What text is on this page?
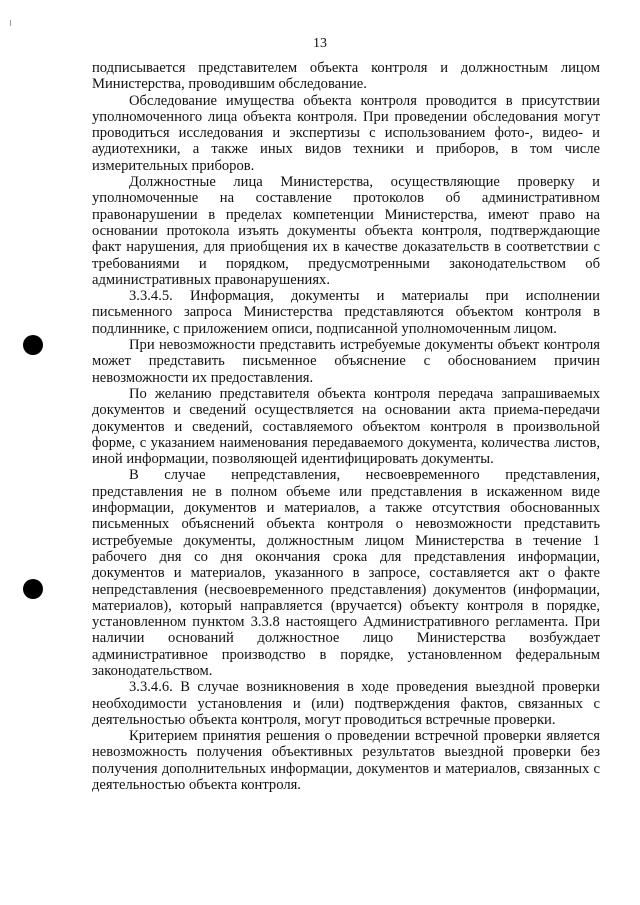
13

подписывается представителем объекта контроля и должностным лицом Министерства, проводившим обследование.

Обследование имущества объекта контроля проводится в присутствии уполномоченного лица объекта контроля. При проведении обследования могут проводиться исследования и экспертизы с использованием фото-, видео- и аудиотехники, а также иных видов техники и приборов, в том числе измерительных приборов.

Должностные лица Министерства, осуществляющие проверку и уполномоченные на составление протоколов об административном правонарушении в пределах компетенции Министерства, имеют право на основании протокола изъять документы объекта контроля, подтверждающие факт нарушения, для приобщения их в качестве доказательств в соответствии с требованиями и порядком, предусмотренными законодательством об административных правонарушениях.

3.3.4.5. Информация, документы и материалы при исполнении письменного запроса Министерства представляются объектом контроля в подлиннике, с приложением описи, подписанной уполномоченным лицом.

При невозможности представить истребуемые документы объект контроля может представить письменное объяснение с обоснованием причин невозможности их предоставления.

По желанию представителя объекта контроля передача запрашиваемых документов и сведений осуществляется на основании акта приема-передачи документов и сведений, составляемого объектом контроля в произвольной форме, с указанием наименования передаваемого документа, количества листов, иной информации, позволяющей идентифицировать документы.

В случае непредставления, несвоевременного представления, представления не в полном объеме или представления в искаженном виде информации, документов и материалов, а также отсутствия обоснованных письменных объяснений объекта контроля о невозможности представить истребуемые документы, должностным лицом Министерства в течение 1 рабочего дня со дня окончания срока для представления информации, документов и материалов, указанного в запросе, составляется акт о факте непредставления (несвоевременного представления) документов (информации, материалов), который направляется (вручается) объекту контроля в порядке, установленном пунктом 3.3.8 настоящего Административного регламента. При наличии оснований должностное лицо Министерства возбуждает административное производство в порядке, установленном федеральным законодательством.

3.3.4.6. В случае возникновения в ходе проведения выездной проверки необходимости установления и (или) подтверждения фактов, связанных с деятельностью объекта контроля, могут проводиться встречные проверки.

Критерием принятия решения о проведении встречной проверки является невозможность получения объективных результатов выездной проверки без получения дополнительных информации, документов и материалов, связанных с деятельностью объекта контроля.
